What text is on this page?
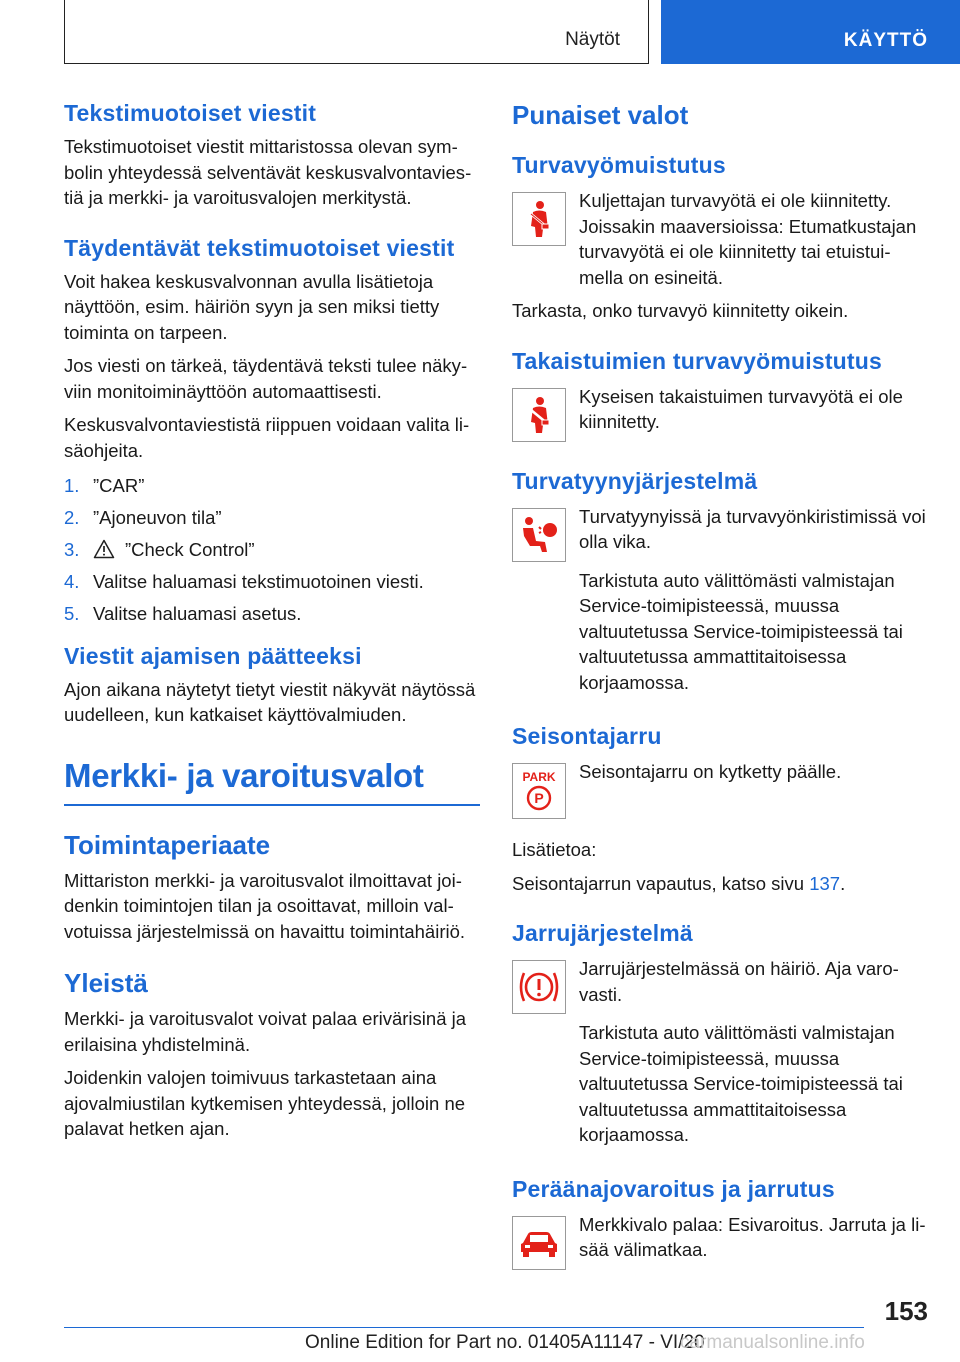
Näytöt	KÄYTTÖ
Tekstimuotoiset viestit

Tekstimuotoiset viestit mittaristossa olevan symbolin yhteydessä selventävät keskusvalvontaviestiä ja merkki- ja varoitusvalojen merkitystä.

Täydentävät tekstimuotoiset viestit

Voit hakea keskusvalvonnan avulla lisätietoja näyttöön, esim. häiriön syyn ja sen miksi tietty toiminta on tarpeen.

Jos viesti on tärkeä, täydentävä teksti tulee näkyviin monitoiminäyttöön automaattisesti.

Keskusvalvontaviestistä riippuen voidaan valita lisäohjeita.

1. ”CAR”
2. ”Ajoneuvon tila”
3.	”Check Control”
4. Valitse haluamasi tekstimuotoinen viesti.
5. Valitse haluamasi asetus.
Viestit ajamisen päätteeksi

Ajon aikana näytetyt tietyt viestit näkyvät näytössä uudelleen, kun katkaiset käyttövalmiuden.

Merkki- ja varoitusvalot
Toimintaperiaate

Mittariston merkki- ja varoitusvalot ilmoittavat joidenkin toimintojen tilan ja osoittavat, milloin valvotuissa järjestelmissä on havaittu toimintahäiriö.

Yleistä

Merkki- ja varoitusvalot voivat palaa erivärisinä ja erilaisina yhdistelminä.

Joidenkin valojen toimivuus tarkastetaan aina ajovalmiustilan kytkemisen yhteydessä, jolloin ne palavat hetken ajan.

Punaiset valot
Turvavyömuistutus

Kuljettajan turvavyötä ei ole kiinnitetty. Joissakin maaversioissa: Etumatkustajan turvavyötä ei ole kiinnitetty tai etuistuimella on esineitä.

Tarkasta, onko turvavyö kiinnitetty oikein.

Takaistuimien turvavyömuistutus

Kyseisen takaistuimen turvavyötä ei ole kiinnitetty.

Turvatyynyjärjestelmä

Turvatyynyissä ja turvavyönkiristimissä voi olla vika.

Tarkistuta auto välittömästi valmistajan Service-toimipisteessä, muussa valtuutetussa Service-toimipisteessä tai valtuutetussa ammattitaitoisessa korjaamossa.

Seisontajarru
PARK
P

Seisontajarru on kytketty päälle.

Lisätietoa:

Seisontajarrun vapautus, katso sivu 137.

Jarrujärjestelmä

Jarrujärjestelmässä on häiriö. Aja varovasti.

Tarkistuta auto välittömästi valmistajan Service-toimipisteessä, muussa valtuutetussa Service-toimipisteessä tai valtuutetussa ammattitaitoisessa korjaamossa.

Peräänajovaroitus ja jarrutus

Merkkivalo palaa: Esivaroitus. Jarruta ja lisää välimatkaa.

153
Online Edition for Part no. 01405A11147 - VI/20
carmanualsonline.info
